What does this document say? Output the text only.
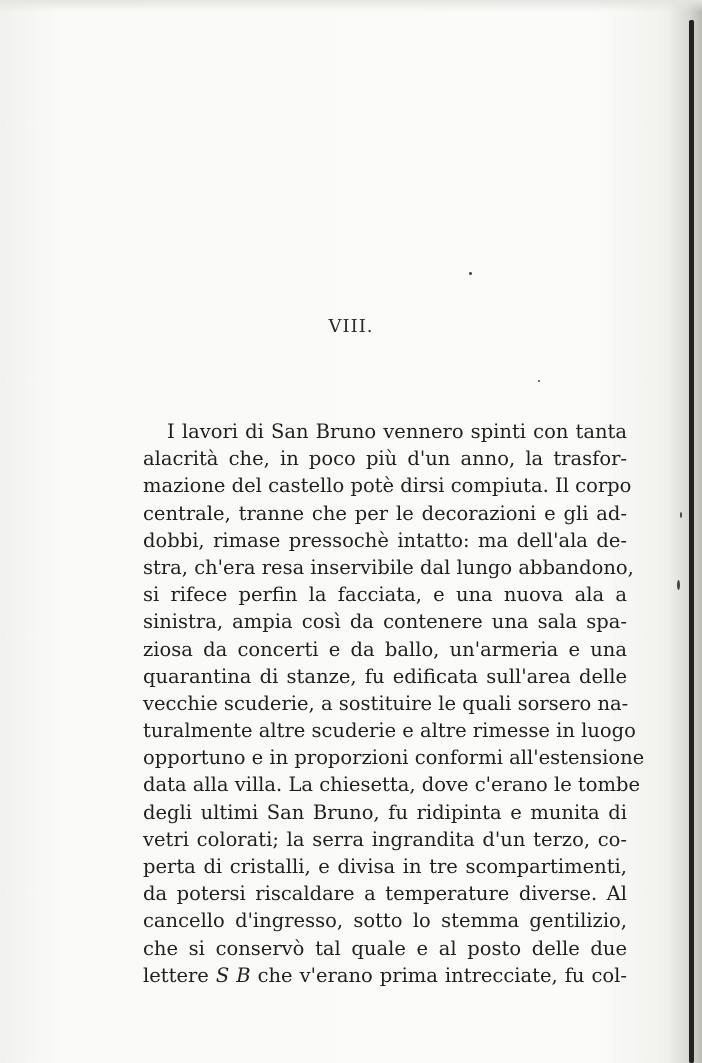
VIII.
I lavori di San Bruno vennero spinti con tanta
alacrità che, in poco più d'un anno, la trasfor-
mazione del castello potè dirsi compiuta. Il corpo
centrale, tranne che per le decorazioni e gli ad-
dobbi, rimase pressochè intatto: ma dell'ala de-
stra, ch'era resa inservibile dal lungo abbandono,
si rifece perfin la facciata, e una nuova ala a
sinistra, ampia così da contenere una sala spa-
ziosa da concerti e da ballo, un'armeria e una
quarantina di stanze, fu edificata sull'area delle
vecchie scuderie, a sostituire le quali sorsero na-
turalmente altre scuderie e altre rimesse in luogo
opportuno e in proporzioni conformi all'estensione
data alla villa. La chiesetta, dove c'erano le tombe
degli ultimi San Bruno, fu ridipinta e munita di
vetri colorati; la serra ingrandita d'un terzo, co-
perta di cristalli, e divisa in tre scompartimenti,
da potersi riscaldare a temperature diverse. Al
cancello d'ingresso, sotto lo stemma gentilizio,
che si conservò tal quale e al posto delle due
lettere S B che v'erano prima intrecciate, fu col-
